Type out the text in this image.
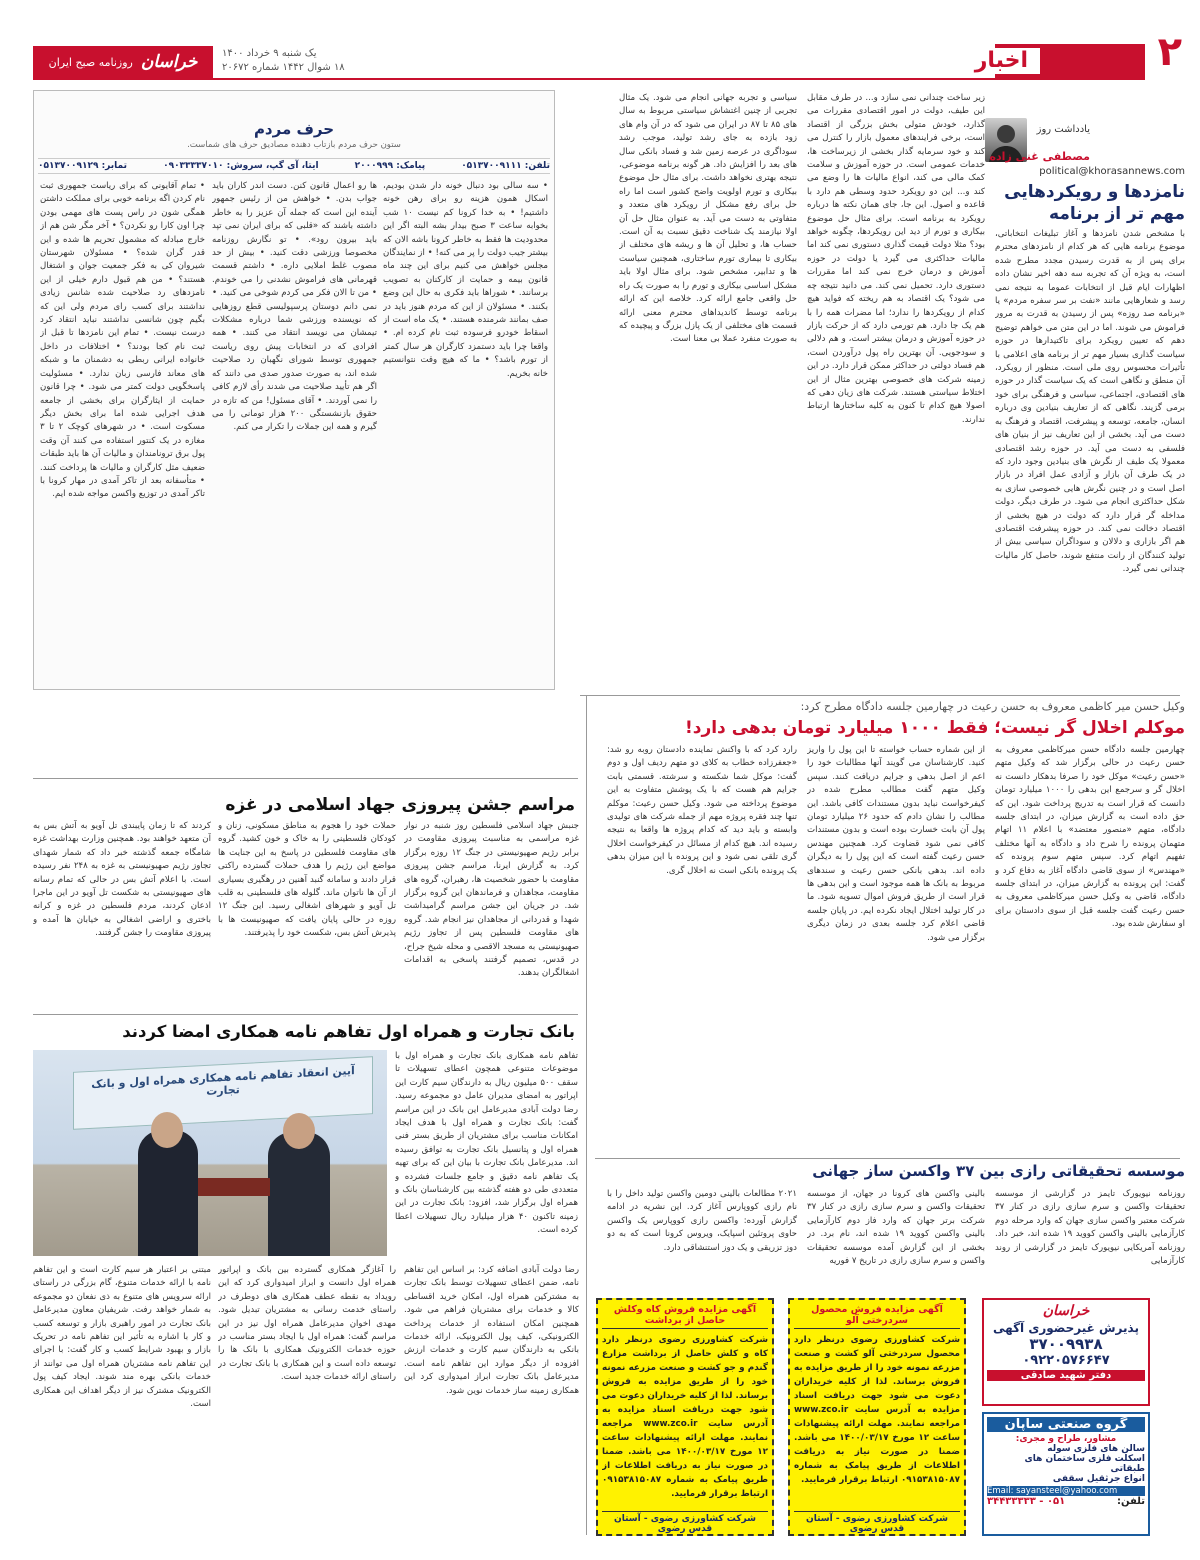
۲
اخبار
یک شنبه ۹ خرداد ۱۴۰۰
۱۸ شوال ۱۴۴۲ شماره ۲۰۶۷۲
خراسان
روزنامه صبح ایران
یادداشت روز
مصطفی غنی زاده
political@khorasannews.com
نامزدها و رویکردهایی
مهم تر از برنامه
با مشخص شدن نامزدها و آغاز تبلیغات انتخاباتی، موضوع برنامه هایی که هر کدام از نامزدهای محترم برای پس از به قدرت رسیدن مجدد مطرح شده است، به ویژه آن که تجربه سه دهه اخیر نشان داده اظهارات ایام قبل از انتخابات عموما به نتیجه نمی رسد و شعارهایی مانند «نفت بر سر سفره مردم» یا «برنامه صد روزه» پس از رسیدن به قدرت به مرور فراموش می شوند. اما در این متن می خواهم توضیح دهم که تعیین رویکرد برای تاکتیدارها در حوزه سیاست گذاری بسیار مهم تر از برنامه های اعلامی با تأثیرات محسوس روی ملی است. منظور از رویکرد، آن منطق و نگاهی است که یک سیاست گذار در حوزه های اقتصادی، اجتماعی، سیاسی و فرهنگی برای خود برمی گزیند. نگاهی که از تعاریف بنیادین وی درباره انسان، جامعه، توسعه و پیشرفت، اقتصاد و فرهنگ به دست می آید. بخشی از این تعاریف نیز از بنیان های فلسفی به دست می آید. در حوزه رشد اقتصادی معمولا یک طیف از نگرش های بنیادین وجود دارد که در یک طرف آن بازار و آزادی عمل افراد در بازار اصل است و در چنین نگرش هایی خصوصی سازی به شکل حداکثری انجام می شود. در طرف دیگر، دولت مداخله گر قرار دارد که دولت در هیچ بخشی از اقتصاد دخالت نمی کند. در حوزه پیشرفت اقتصادی هم اگر بازاری و دلالان و سوداگران سیاسی بیش از تولید کنندگان از رانت منتفع شوند، حاصل کار مالیات چندانی نمی گیرد.
زیر ساخت چندانی نمی سازد و... در طرف مقابل این طیف، دولت در امور اقتصادی مقررات می گذارد، خودش متولی بخش بزرگی از اقتصاد است، برخی فرایندهای معمول بازار را کنترل می کند و خود سرمایه گذار بخشی از زیرساخت ها، خدمات عمومی است. در حوزه آموزش و سلامت کمک مالی می کند، انواع مالیات ها را وضع می کند و... این دو رویکرد حدود وسطی هم دارد با قاعده و اصول. این جا، جای همان نکته ها درباره رویکرد به برنامه است. برای مثال حل موضوع بیکاری و تورم از دید این رویکردها، چگونه خواهد بود؟ مثلا دولت قیمت گذاری دستوری نمی کند اما مالیات حداکثری می گیرد یا دولت در حوزه آموزش و درمان خرج نمی کند اما مقررات دستوری دارد. تحمیل نمی کند. می دانید نتیجه چه می شود؟ یک اقتصاد به هم ریخته که فواید هیچ کدام از رویکردها را ندارد؛ اما مضرات همه را با هم یک جا دارد. هم تورمی دارد که از حرکت بازار در حوزه آموزش و درمان بیشتر است، و هم دلالی و سودجویی. آن بهترین راه پول درآوردن است، هم فساد دولتی در حداکثر ممکن قرار دارد. در این زمینه شرکت های خصوصی بهترین مثال از این اختلاط سیاستی هستند. شرکت های زیان دهی که اصولا هیچ کدام تا کنون به کلیه ساختارها ارتباط ندارند.
سیاسی و تجربه جهانی انجام می شود. یک مثال تجربی از چنین اغتشاش سیاستی مربوط به سال های ۸۵ تا ۸۷ در ایران می شود که در آن وام های زود بازده به جای رشد تولید، موجب رشد سوداگری در عرصه زمین شد و فساد بانکی سال های بعد را افزایش داد. هر گونه برنامه موضوعی، نتیجه بهتری نخواهد داشت. برای مثال حل موضوع بیکاری و تورم اولویت واضح کشور است اما راه حل برای رفع مشکل از رویکرد های متعدد و متفاوتی به دست می آید. به عنوان مثال حل آن اولا نیازمند یک شناخت دقیق نسبت به آن است. حساب ها، و تحلیل آن ها و ریشه های مختلف از بیکاری تا بیماری تورم ساختاری، همچنین سیاست ها و تدابیر، مشخص شود. برای مثال اولا باید مشکل اساسی بیکاری و تورم را به صورت یک راه حل واقعی جامع ارائه کرد. خلاصه این که ارائه برنامه توسط کاندیداهای محترم معنی ارائه قسمت های مختلفی از یک پازل بزرگ و پیچیده که به صورت منفرد عملا بی معنا است.
حرف مردم
ستون حرف مردم بازتاب دهنده مصادیق حرف های شماست.
تلفن: ۰۵۱۳۷۰۰۹۱۱۱
پیامک: ۲۰۰۰۹۹۹
ایتا، آی گپ، سروش: ۰۹۰۳۳۳۳۷۰۱۰
تمابر: ۰۵۱۳۷۰۰۹۱۲۹
• سه سالی بود دنبال خونه دار شدن بودیم، اسکال همون هزینه رو برای رهن خونه داشتیم! • به خدا کرونا کم نیست ۱۰ شب بخوابه ساعت ۳ صبح بیدار بشه البته اگر این محدودیت ها فقط به خاطر کرونا باشه الان که بیشتر جیب دولت را پر می کنه! • از نمایندگان مجلس خواهش می کنیم برای این چند ماه قانون بیمه و حمایت از کارکنان به تصویب برسانند. • شوراها باید فکری به حال این وضع بکنند. • مسئولان از این که مردم هنوز باید در صف بمانند شرمنده هستند. • یک ماه است از اسقاط خودرو فرسوده ثبت نام کرده ام. • واقعا چرا باید دستمزد کارگران هر سال کمتر از تورم باشد؟ • ما که هیچ وقت نتوانستیم خانه بخریم.
ها رو اعمال قانون کنن. دست اندر کاران باید جواب بدن. • خواهش من از رئیس جمهور آینده این است که جمله آن عزیز را به خاطر داشته باشند که «قلبی که برای ایران نمی تپد باید بیرون رود». • تو نگارش روزنامه مخصوصا ورزشی دقت کنید. • بیش از حد مصوب غلط املایی داره. • داشتم قسمت قهرمانی های فراموش نشدنی را می خوندم. • من تا الان فکر می کردم شوخی می کنید. • نمی دانم دوستان پرسپولیسی قطع روزهایی که نویسنده ورزشی شما درباره مشکلات تیمشان می نویسد انتقاد می کنند. • همه افرادی که در انتخابات پیش روی ریاست جمهوری توسط شورای نگهبان رد صلاحیت شده اند، به صورت صدور صدی می دانند که اگر هم تأیید صلاحیت می شدند رأی لازم کافی را نمی آوردند. • آقای مسئول! من که تازه در حقوق بازنشستگی ۲۰۰ هزار تومانی را می گیرم و همه این جملات را تکرار می کنم.
• تمام آقایونی که برای ریاست جمهوری ثبت نام کردن اگه برنامه خوبی برای مملکت داشتن همگی شون در راس پست های مهمی بودن چرا اون کارا رو نکردن؟ • آخر مگر شن هم از خارج مبادله که مشمول تحریم ها شده و این قدر گران شده؟ • مسئولان شهرستان شیروان کی به فکر جمعیت جوان و اشتغال هستند؟ • من هم قبول دارم خیلی از این نامزدهای رد صلاحیت شده شانس زیادی نداشتند برای کسب رای مردم ولی این که بگیم چون شانسی نداشتند نباید انتقاد کرد درست نیست. • تمام این نامزدها تا قبل از ثبت نام کجا بودند؟ • اختلافات در داخل خانواده ایرانی ربطی به دشمنان ما و شبکه های معاند فارسی زبان ندارد. • مسئولیت پاسخگویی دولت کمتر می شود. • چرا قانون حمایت از ایثارگران برای بخشی از جامعه هدف اجرایی شده اما برای بخش دیگر مسکوت است. • در شهرهای کوچک ۲ تا ۳ مغازه در یک کنتور استفاده می کنند آن وقت پول برق ترونامندان و مالیات آن ها باید طبقات ضعیف مثل کارگران و مالیات ها پرداخت کنند. • متأسفانه بعد از تاکر آمدی در مهار کرونا با تاکر آمدی در توزیع واکسن مواجه شده ایم.
وکیل حسن میر کاظمی معروف به حسن رعیت در چهارمین جلسه دادگاه مطرح کرد:
موکلم اخلال گر نیست؛ فقط ۱۰۰۰ میلیارد تومان بدهی دارد!
چهارمین جلسه دادگاه حسن میرکاظمی معروف به حسن رعیت در حالی برگزار شد که وکیل متهم «حسن رعیت» موکل خود را صرفا بدهکار دانست نه اخلال گر و سرجمع این بدهی را ۱۰۰۰ میلیارد تومان دانست که قرار است به تدریج پرداخت شود. این که حق داده است به گزارش میزان، در ابتدای جلسه دادگاه، متهم «منصور معتضد» با اعلام ۱۱ اتهام متهمان پرونده را شرح داد و دادگاه به آنها مختلف تفهیم اتهام کرد. سپس متهم سوم پرونده که «مهندس» از سوی قاضی دادگاه آغاز به دفاع کرد و گفت: این پرونده به گزارش میزان، در ابتدای جلسه دادگاه، قاضی به وکیل حسن میرکاظمی معروف به حسن رعیت گفت جلسه قبل از سوی دادستان برای او سفارش شده بود.
از این شماره حساب خواسته تا این پول را واریز کنید. کارشناسان می گویند آنها مطالبات خود را اعم از اصل بدهی و جرایم دریافت کنند. سپس وکیل متهم گفت مطالب مطرح شده در کیفرخواست نباید بدون مستندات کافی باشد. این مطالب را نشان دادم که حدود ۲۶ میلیارد تومان پول آن بابت خسارت بوده است و بدون مستندات کافی نمی شود قضاوت کرد. همچنین مهندس حسن رعیت گفته است که این پول را به دیگران داده اند. بدهی بانکی حسن رعیت و سندهای مربوط به بانک ها همه موجود است و این بدهی ها قرار است از طریق فروش اموال تسویه شود. ما در کار تولید اختلال ایجاد نکرده ایم. در پایان جلسه قاضی اعلام کرد جلسه بعدی در زمان دیگری برگزار می شود.
رارد کرد که با واکنش نماینده دادستان روبه رو شد: «جعفرزاده خطاب به کلای دو متهم ردیف اول و دوم گفت: موکل شما شکسته و سرشته. قسمتی بابت جرایم هم هست که با یک پوشش متفاوت به این موضوع پرداخته می شود. وکیل حسن رعیت: موکلم تنها چند فقره پروژه مهم از جمله شرکت های تولیدی وابسته و باید دید که کدام پروژه ها واقعا به نتیجه رسیده اند. هیچ کدام از مسائل در کیفرخواست اخلال گری تلقی نمی شود و این پرونده با این میزان بدهی یک پرونده بانکی است نه اخلال گری.
مراسم جشن پیروزی جهاد اسلامی در غزه
جنبش جهاد اسلامی فلسطین روز شنبه در نوار غزه مراسمی به مناسبت پیروزی مقاومت در برابر رژیم صهیونیستی در جنگ ۱۲ روزه برگزار کرد. به گزارش ایرنا، مراسم جشن پیروزی مقاومت با حضور شخصیت ها، رهبران، گروه های مقاومت، مجاهدان و فرماندهان این گروه برگزار شد. در جریان این جشن مراسم گرامیداشت شهدا و قدردانی از مجاهدان نیز انجام شد. گروه های مقاومت فلسطین پس از تجاوز رژیم صهیونیستی به مسجد الاقصی و محله شیخ جراح، در قدس، تصمیم گرفتند پاسخی به اقدامات اشغالگران بدهند.
حملات خود را هجوم به مناطق مسکونی، زنان و کودکان فلسطینی را به خاک و خون کشید. گروه های مقاومت فلسطین در پاسخ به این جنایت ها مواضع این رژیم را هدف حملات گسترده راکتی قرار دادند و سامانه گنبد آهنین در رهگیری بسیاری از آن ها ناتوان ماند. گلوله های فلسطینی به قلب تل آویو و شهرهای اشغالی رسید. این جنگ ۱۲ روزه در حالی پایان یافت که صهیونیست ها با پذیرش آتش بس، شکست خود را پذیرفتند.
کردند که تا زمان پایبندی تل آویو به آتش بس به آن متعهد خواهند بود. همچنین وزارت بهداشت غزه شامگاه جمعه گذشته خبر داد که شمار شهدای تجاوز رژیم صهیونیستی به غزه به ۲۴۸ نفر رسیده است. با اعلام آتش بس در حالی که تمام رسانه های صهیونیستی به شکست تل آویو در این ماجرا اذعان کردند، مردم فلسطین در غزه و کرانه باختری و اراضی اشغالی به خیابان ها آمده و پیروزی مقاومت را جشن گرفتند.
بانک تجارت و همراه اول تفاهم نامه همکاری امضا کردند
آیین انعقاد تفاهم نامه همکاری همراه اول و بانک تجارت
تفاهم نامه همکاری بانک تجارت و همراه اول با موضوعات متنوعی همچون اعطای تسهیلات تا سقف ۵۰۰ میلیون ریال به دارندگان سیم کارت این اپراتور به امضای مدیران عامل دو مجموعه رسید. رضا دولت آبادی مدیرعامل این بانک در این مراسم گفت: بانک تجارت و همراه اول با هدف ایجاد امکانات مناسب برای مشتریان از طریق بستر فنی همراه اول و پتانسیل بانک تجارت به توافق رسیده اند. مدیرعامل بانک تجارت با بیان این که برای تهیه یک تفاهم نامه دقیق و جامع جلسات فشرده و متعددی طی دو هفته گذشته بین کارشناسان بانک و همراه اول برگزار شد، افزود: بانک تجارت در این زمینه تاکنون ۴۰ هزار میلیارد ریال تسهیلات اعطا کرده است.
رضا دولت آبادی اضافه کرد: بر اساس این تفاهم نامه، ضمن اعطای تسهیلات توسط بانک تجارت به مشترکین همراه اول، امکان خرید اقساطی کالا و خدمات برای مشتریان فراهم می شود. همچنین امکان استفاده از خدمات پرداخت الکترونیکی، کیف پول الکترونیک، ارائه خدمات بانکی به دارندگان سیم کارت و خدمات ارزش افزوده از دیگر موارد این تفاهم نامه است. مدیرعامل بانک تجارت ابراز امیدواری کرد این همکاری زمینه ساز خدمات نوین شود.
را آغازگر همکاری گسترده بین بانک و اپراتور همراه اول دانست و ابراز امیدواری کرد که این رویداد به نقطه عطف همکاری های دوطرف در راستای خدمت رسانی به مشتریان تبدیل شود. مهدی اخوان مدیرعامل همراه اول نیز در این مراسم گفت: همراه اول با ایجاد بستر مناسب در حوزه خدمات الکترونیک همکاری با بانک ها را توسعه داده است و این همکاری با بانک تجارت در راستای ارائه خدمات جدید است.
مبتنی بر اعتبار هر سیم کارت است و این تفاهم نامه با ارائه خدمات متنوع، گام بزرگی در راستای ارائه سرویس های متنوع به ذی نفعان دو مجموعه به شمار خواهد رفت. شریفیان معاون مدیرعامل بانک تجارت در امور راهبری بازار و توسعه کسب و کار با اشاره به تأثیر این تفاهم نامه در تحریک بازار و بهبود شرایط کسب و کار گفت: با اجرای این تفاهم نامه مشتریان همراه اول می توانند از خدمات بانکی بهره مند شوند. ایجاد کیف پول الکترونیک مشترک نیز از دیگر اهداف این همکاری است.
موسسه تحقیقاتی رازی بین ۳۷ واکسن ساز جهانی
روزنامه نیویورک تایمز در گزارشی از موسسه تحقیقات واکسن و سرم سازی رازی در کنار ۳۷ شرکت معتبر واکسن سازی جهان که وارد مرحله دوم کارآزمایی بالینی واکسن کووید ۱۹ شده اند، خبر داد. روزنامه آمریکایی نیویورک تایمز در گزارشی از روند کارآزمایی
بالینی واکسن های کرونا در جهان، از موسسه تحقیقات واکسن و سرم سازی رازی در کنار ۳۷ شرکت برتر جهان که وارد فاز دوم کارآزمایی بالینی واکسن کووید ۱۹ شده اند، نام برد. در بخشی از این گزارش آمده موسسه تحقیقات واکسن و سرم سازی رازی در تاریخ ۷ فوریه
۲۰۲۱ مطالعات بالینی دومین واکسن تولید داخل را با نام رازی کووپارس آغاز کرد. این نشریه در ادامه گزارش آورده: واکسن رازی کووپارس یک واکسن حاوی پروتئین اسپایک، ویروس کرونا است که به دو دوز تزریقی و یک دوز استنشاقی دارد.
آگهی مزایده فروش کاه وکلش حاصل از برداشت
شرکت کشاورزی رضوی درنظر دارد کاه و کلش حاصل از برداشت مزارع گندم و جو کشت و صنعت مزرعه نمونه خود را از طریق مزایده به فروش برساند. لذا از کلیه خریداران دعوت می شود جهت دریافت اسناد مزایده به آدرس سایت www.zco.ir مراجعه نمایند. مهلت ارائه پیشنهادات ساعت ۱۲ مورخ ۱۴۰۰/۰۳/۱۷ می باشد. ضمنا در صورت نیاز به دریافت اطلاعات از طریق پیامک به شماره ۰۹۱۵۳۸۱۵۰۸۷ ارتباط برقرار فرمایید.
شرکت کشاورزی رضوی - آستان قدس رضوی
آگهی مزایده فروش محصول سردرختی آلو
شرکت کشاورزی رضوی درنظر دارد محصول سردرختی آلو کشت و صنعت مزرعه نمونه خود را از طریق مزایده به فروش برساند. لذا از کلیه خریداران دعوت می شود جهت دریافت اسناد مزایده به آدرس سایت www.zco.ir مراجعه نمایند. مهلت ارائه پیشنهادات ساعت ۱۲ مورخ ۱۴۰۰/۰۳/۱۷ می باشد. ضمنا در صورت نیاز به دریافت اطلاعات از طریق پیامک به شماره ۰۹۱۵۳۸۱۵۰۸۷ ارتباط برقرار فرمایید.
شرکت کشاورزی رضوی - آستان قدس رضوی
خراسان
پذیرش غیرحضوری آگهی
۳۷۰۰۹۹۳۸
۰۹۲۲۰۵۷۶۶۴۷
دفتر شهید صادقی
گروه صنعتی ساپان
مشاور، طراح و مجری:
سالن های فلزی سوله
اسکلت فلزی ساختمان های طبقاتی
انواع جرثقیل سقفی
Email: sayansteel@yahoo.com
تلفن:
۰۵۱ - ۳۴۴۳۳۳۳۳
